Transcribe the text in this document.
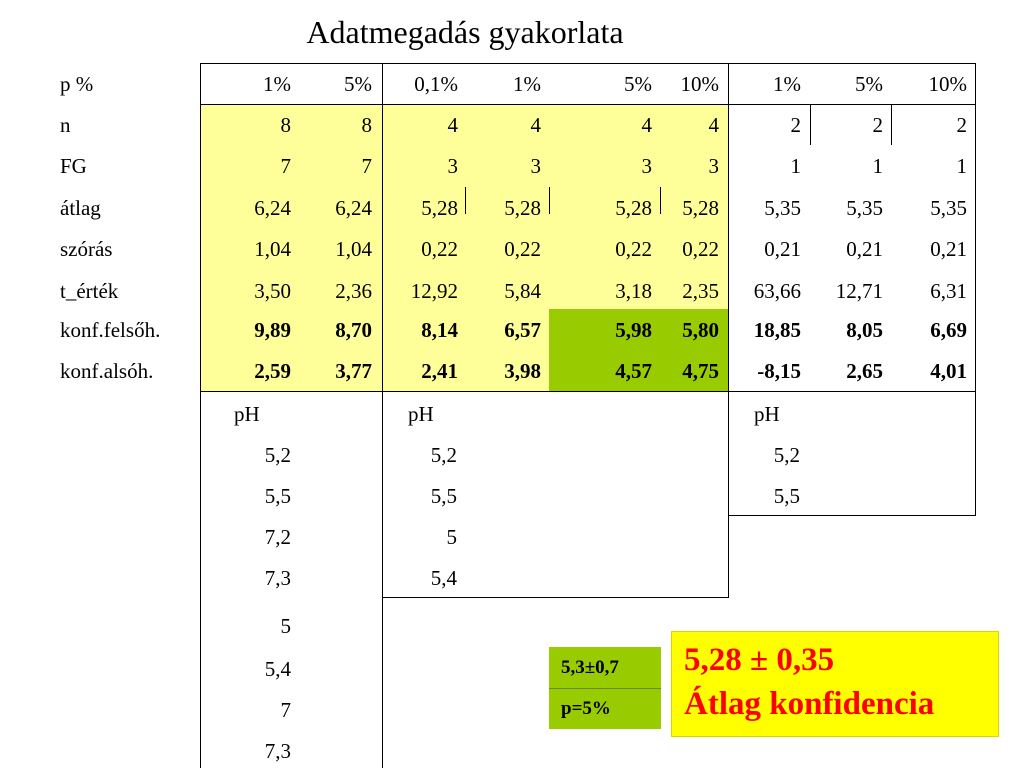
Adatmegadás gyakorlata
p %	1%	5%	0,1%	1%	5%	10%	1%	5%	10%
n	8	8	4	4	4	4	2	2	2
FG	7	7	3	3	3	3	1	1	1
átlag	6,24	6,24	5,28	5,28	5,28	5,28	5,35	5,35	5,35
szórás	1,04	1,04	0,22	0,22	0,22	0,22	0,21	0,21	0,21
t_érték	3,50	2,36	12,92	5,84	3,18	2,35	63,66	12,71	6,31
konf.felsőh.	9,89	8,70	8,14	6,57	5,98	5,80	18,85	8,05	6,69
konf.alsóh.	2,59	3,77	2,41	3,98	4,57	4,75	-8,15	2,65	4,01
pH
5,2
5,5
7,2
7,3
5
5,4
7
7,3
pH
5,2
5,5
5
5,4
pH
5,2
5,5
5,3±0,7
p=5%
5,28 ± 0,35
Átlag konfidencia
